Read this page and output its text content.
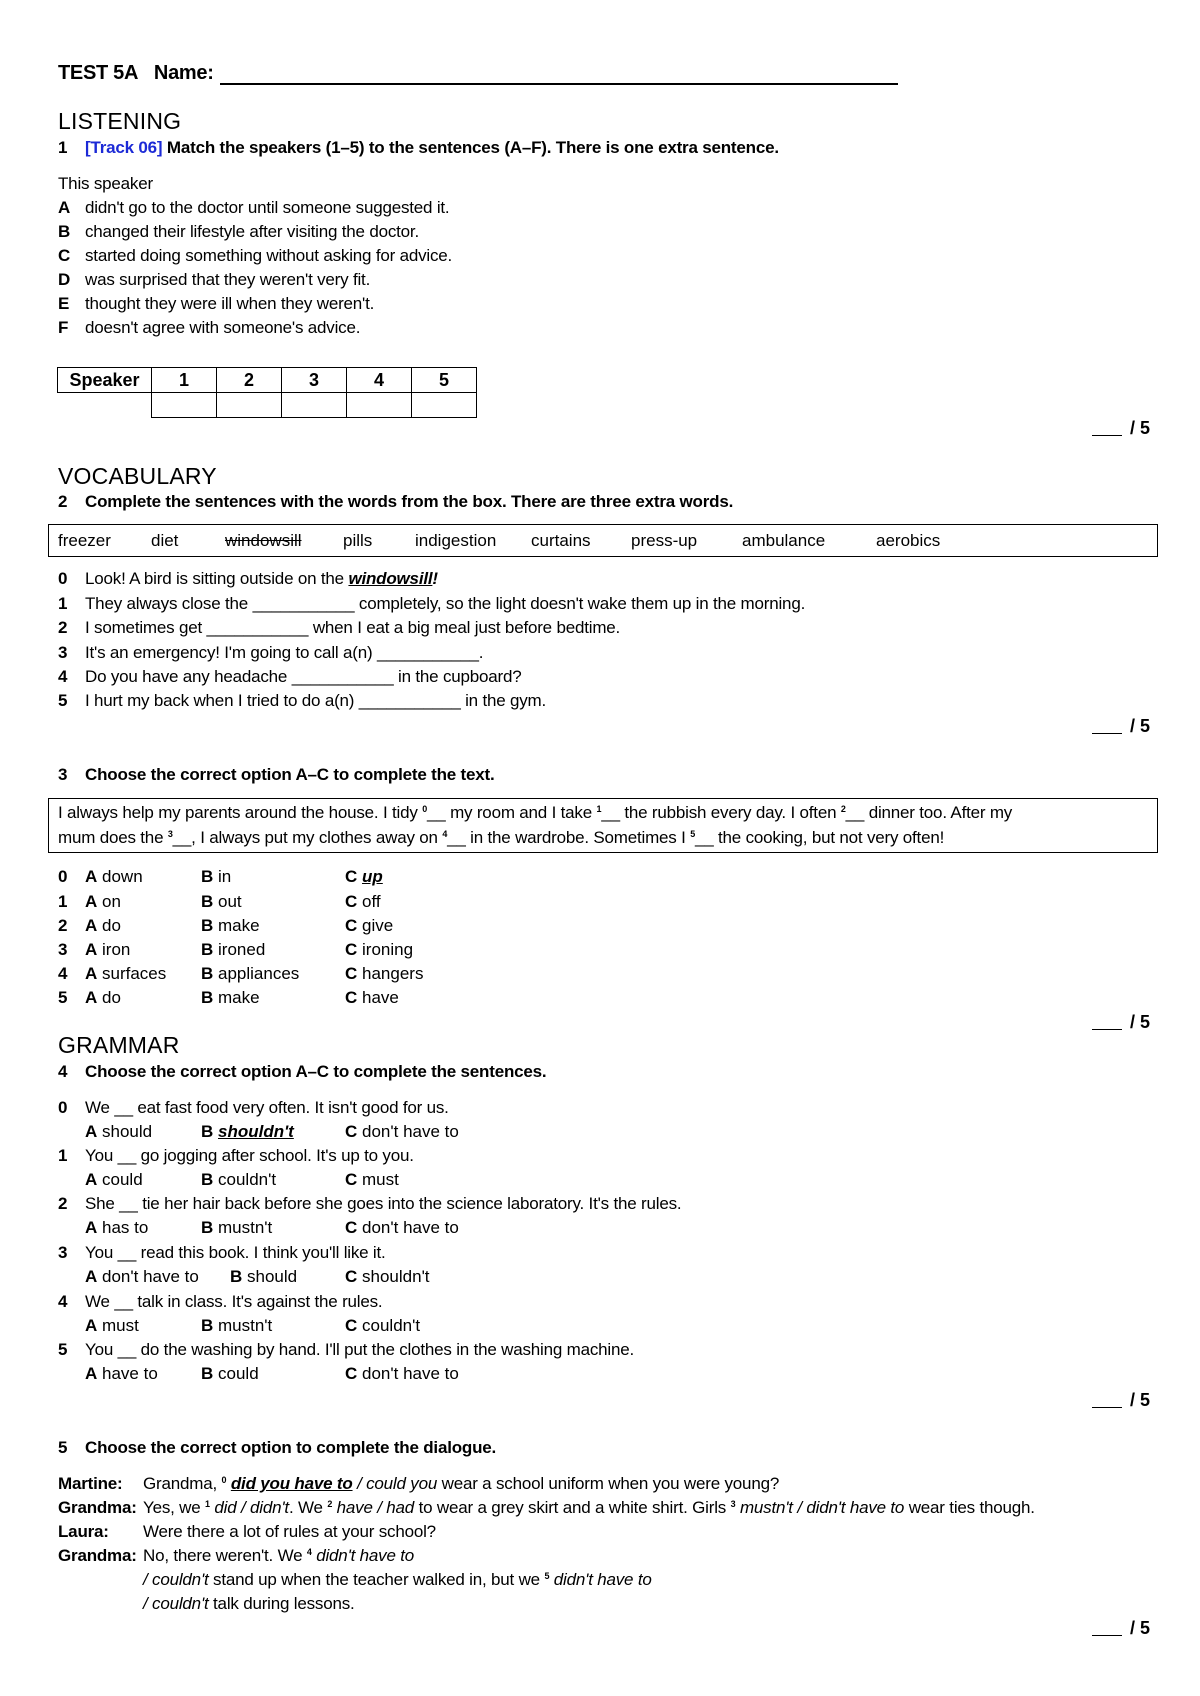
TEST 5A Name:
LISTENING
1 [Track 06] Match the speakers (1–5) to the sentences (A–F). There is one extra sentence.
This speaker
A didn't go to the doctor until someone suggested it.
B changed their lifestyle after visiting the doctor.
C started doing something without asking for advice.
D was surprised that they weren't very fit.
E thought they were ill when they weren't.
F doesn't agree with someone's advice.
Speaker	1	2	3	4	5

/ 5
VOCABULARY
2 Complete the sentences with the words from the box. There are three extra words.
freezer diet	windowsill pills	indigestion curtains press-up	ambulance	aerobics
0 Look! A bird is sitting outside on the windowsill!
1 They always close the ___________ completely, so the light doesn't wake them up in the morning.
2 I sometimes get ___________ when I eat a big meal just before bedtime.
3 It's an emergency! I'm going to call a(n) ___________.
4 Do you have any headache ___________ in the cupboard?
5 I hurt my back when I tried to do a(n) ___________ in the gym.
/ 5
3 Choose the correct option A–C to complete the text.
I always help my parents around the house. I tidy $^0$__ my room and I take $^1$__ the rubbish every day. I often $^2$__ dinner too. After my
mum does the $^3$__, I always put my clothes away on $^4$__ in the wardrobe. Sometimes I $^5$__ the cooking, but not very often!
0 A down	B in	C up
1 A on	B out	C off
2 A do	B make	C give
3 A iron	B ironed	C ironing
4 A surfaces B appliances	C hangers
5 A do	B make	C have
/ 5
GRAMMAR
4 Choose the correct option A–C to complete the sentences.
0 We __ eat fast food very often. It isn't good for us.
A should	B shouldn't	C don't have to
1 You __ go jogging after school. It's up to you.
A could	B couldn't	C must
2 She __ tie her hair back before she goes into the science laboratory. It's the rules.
A has to	B mustn't	C don't have to
3 You __ read this book. I think you'll like it.
A don't have to B should	C shouldn't
4 We __ talk in class. It's against the rules.
A must	B mustn't	C couldn't
5 You __ do the washing by hand. I'll put the clothes in the washing machine.
A have to	B could	C don't have to
/ 5
5 Choose the correct option to complete the dialogue.
Martine: Grandma, $^0$ did you have to / could you wear a school uniform when you were young?
Grandma: Yes, we $^1$ did / didn't. We $^2$ have / had to wear a grey skirt and a white shirt. Girls $^3$ mustn't / didn't have to wear ties though.
Laura: Were there a lot of rules at your school?
Grandma: No, there weren't. We $^4$ didn't have to
/ couldn't stand up when the teacher walked in, but we $^5$ didn't have to
/ couldn't talk during lessons.
/ 5
